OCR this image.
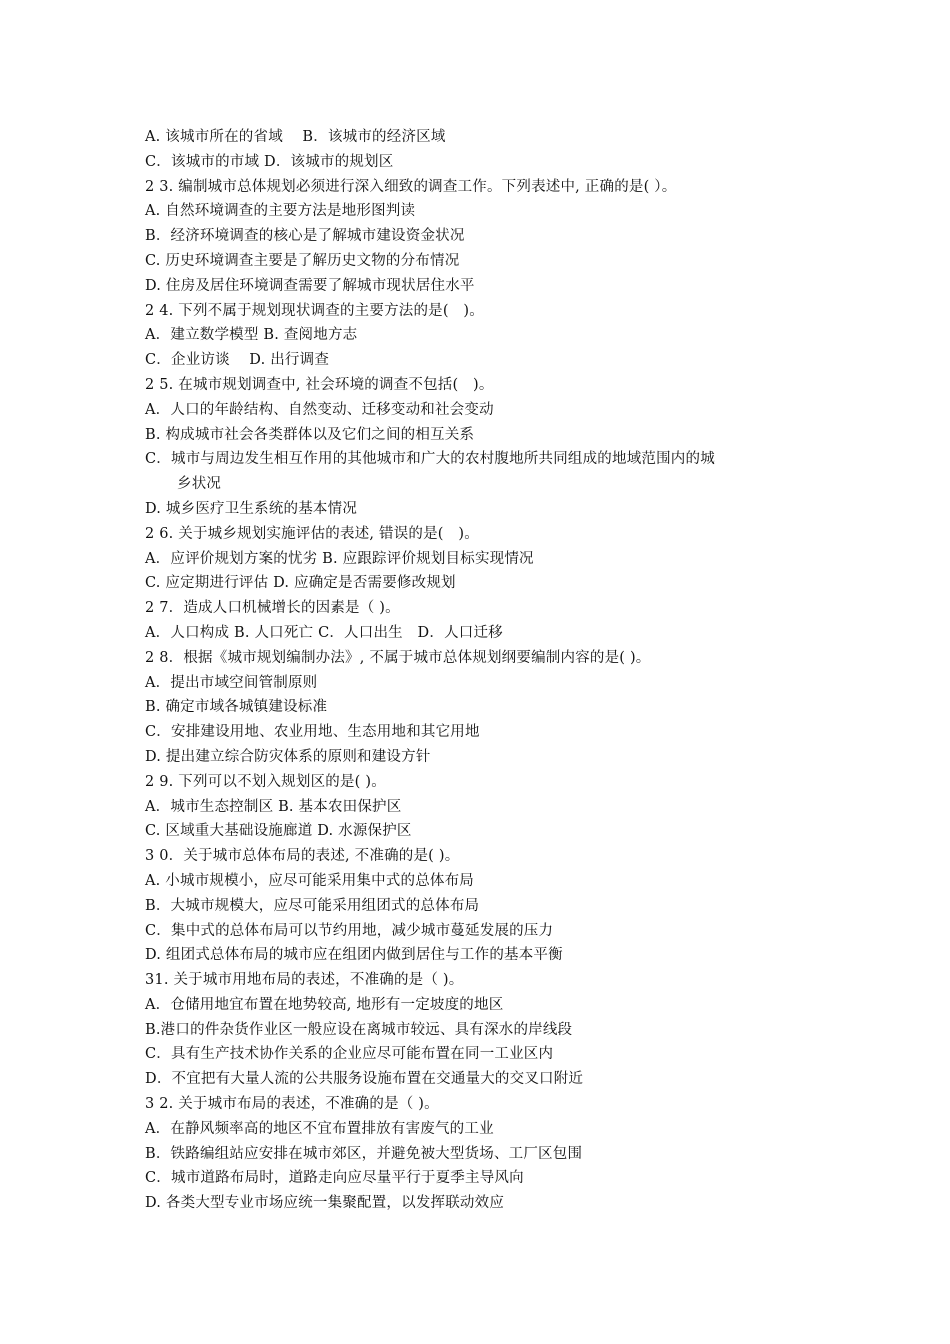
A. 该城市所在的省域　 B．该城市的经济区域
C．该城市的市域 D．该城市的规划区
2 3. 编制城市总体规划必须进行深入细致的调查工作。下列表述中, 正确的是( ）。
A. 自然环境调查的主要方法是地形图判读
B．经济环境调查的核心是了解城市建设资金状况
C. 历史环境调查主要是了解历史文物的分布情况
D. 住房及居住环境调查需要了解城市现状居住水平
2 4. 下列不属于规划现状调查的主要方法的是(　)。
A．建立数学模型 B. 查阅地方志
C．企业访谈　 D. 出行调查
2 5. 在城市规划调查中, 社会环境的调查不包括(　)。
A．人口的年龄结构、自然变动、迁移变动和社会变动
B. 构成城市社会各类群体以及它们之间的相互关系
C．城市与周边发生相互作用的其他城市和广大的农村腹地所共同组成的地域范围内的城
乡状况
D. 城乡医疗卫生系统的基本情况
2 6. 关于城乡规划实施评估的表述, 错误的是(　)。
A．应评价规划方案的忧劣 B. 应跟踪评价规划目标实现情况
C. 应定期进行评估 D. 应确定是否需要修改规划
2 7．造成人口机械增长的因素是（ )。
A．人口构成 B. 人口死亡 C．人口出生　D．人口迁移
2 8．根据《城市规划编制办法》, 不属于城市总体规划纲要编制内容的是( )。
A．提出市域空间管制原则
B. 确定市域各城镇建设标准
C．安排建设用地、农业用地、生态用地和其它用地
D. 提出建立综合防灾体系的原则和建设方针
2 9. 下列可以不划入规划区的是( )。
A．城市生态控制区 B. 基本农田保护区
C. 区域重大基础设施廊道 D. 水源保护区
3 0．关于城市总体布局的表述, 不准确的是( )。
A. 小城市规模小，应尽可能采用集中式的总体布局
B．大城市规模大，应尽可能采用组团式的总体布局
C．集中式的总体布局可以节约用地，减少城市蔓延发展的压力
D. 组团式总体布局的城市应在组团内做到居住与工作的基本平衡
31. 关于城市用地布局的表述，不准确的是（ )。
A．仓储用地宜布置在地势较高, 地形有一定坡度的地区
B.港口的件杂货作业区一般应设在离城市较远、具有深水的岸线段
C．具有生产技术协作关系的企业应尽可能布置在同一工业区内
D．不宜把有大量人流的公共服务设施布置在交通量大的交叉口附近
3 2. 关于城市布局的表述，不准确的是（ )。
A．在静风频率高的地区不宜布置排放有害废气的工业
B．铁路编组站应安排在城市郊区，并避免被大型货场、工厂区包围
C．城市道路布局时，道路走向应尽量平行于夏季主导风向
D. 各类大型专业市场应统一集聚配置，以发挥联动效应
